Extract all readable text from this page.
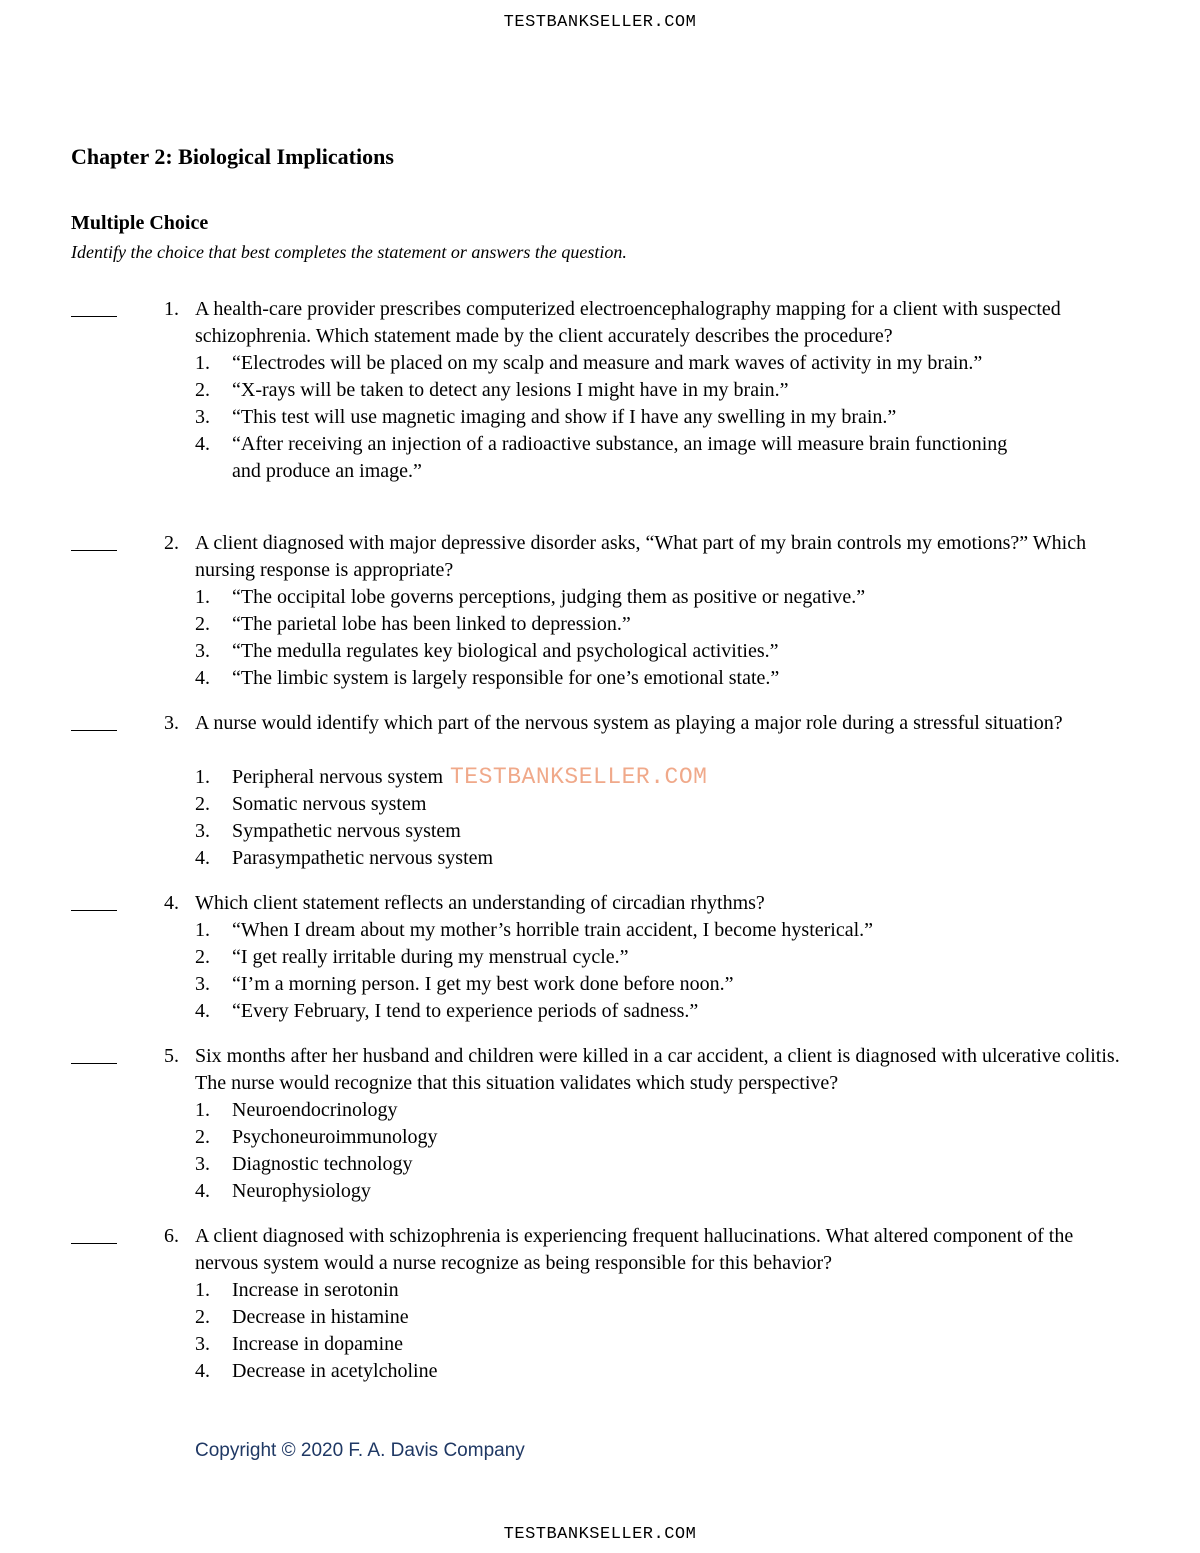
TESTBANKSELLER.COM
Chapter 2: Biological Implications
Multiple Choice

Identify the choice that best completes the statement or answers the question.

1. A health-care provider prescribes computerized electroencephalography mapping for a client with suspected schizophrenia. Which statement made by the client accurately describes the procedure?
1. “Electrodes will be placed on my scalp and measure and mark waves of activity in my brain.”
2. “X-rays will be taken to detect any lesions I might have in my brain.”
3. “This test will use magnetic imaging and show if I have any swelling in my brain.”
4. “After receiving an injection of a radioactive substance, an image will measure brain functioning and produce an image.”
2. A client diagnosed with major depressive disorder asks, “What part of my brain controls my emotions?” Which nursing response is appropriate?
1. “The occipital lobe governs perceptions, judging them as positive or negative.”
2. “The parietal lobe has been linked to depression.”
3. “The medulla regulates key biological and psychological activities.”
4. “The limbic system is largely responsible for one’s emotional state.”
3. A nurse would identify which part of the nervous system as playing a major role during a stressful situation?
1. Peripheral nervous system
2. Somatic nervous system
3. Sympathetic nervous system
4. Parasympathetic nervous system
4. Which client statement reflects an understanding of circadian rhythms?
1. “When I dream about my mother’s horrible train accident, I become hysterical.”
2. “I get really irritable during my menstrual cycle.”
3. “I’m a morning person. I get my best work done before noon.”
4. “Every February, I tend to experience periods of sadness.”
5. Six months after her husband and children were killed in a car accident, a client is diagnosed with ulcerative colitis. The nurse would recognize that this situation validates which study perspective?
1. Neuroendocrinology
2. Psychoneuroimmunology
3. Diagnostic technology
4. Neurophysiology
6. A client diagnosed with schizophrenia is experiencing frequent hallucinations. What altered component of the nervous system would a nurse recognize as being responsible for this behavior?
1. Increase in serotonin
2. Decrease in histamine
3. Increase in dopamine
4. Decrease in acetylcholine
TESTBANKSELLER.COM
Copyright © 2020 F. A. Davis Company
TESTBANKSELLER.COM
